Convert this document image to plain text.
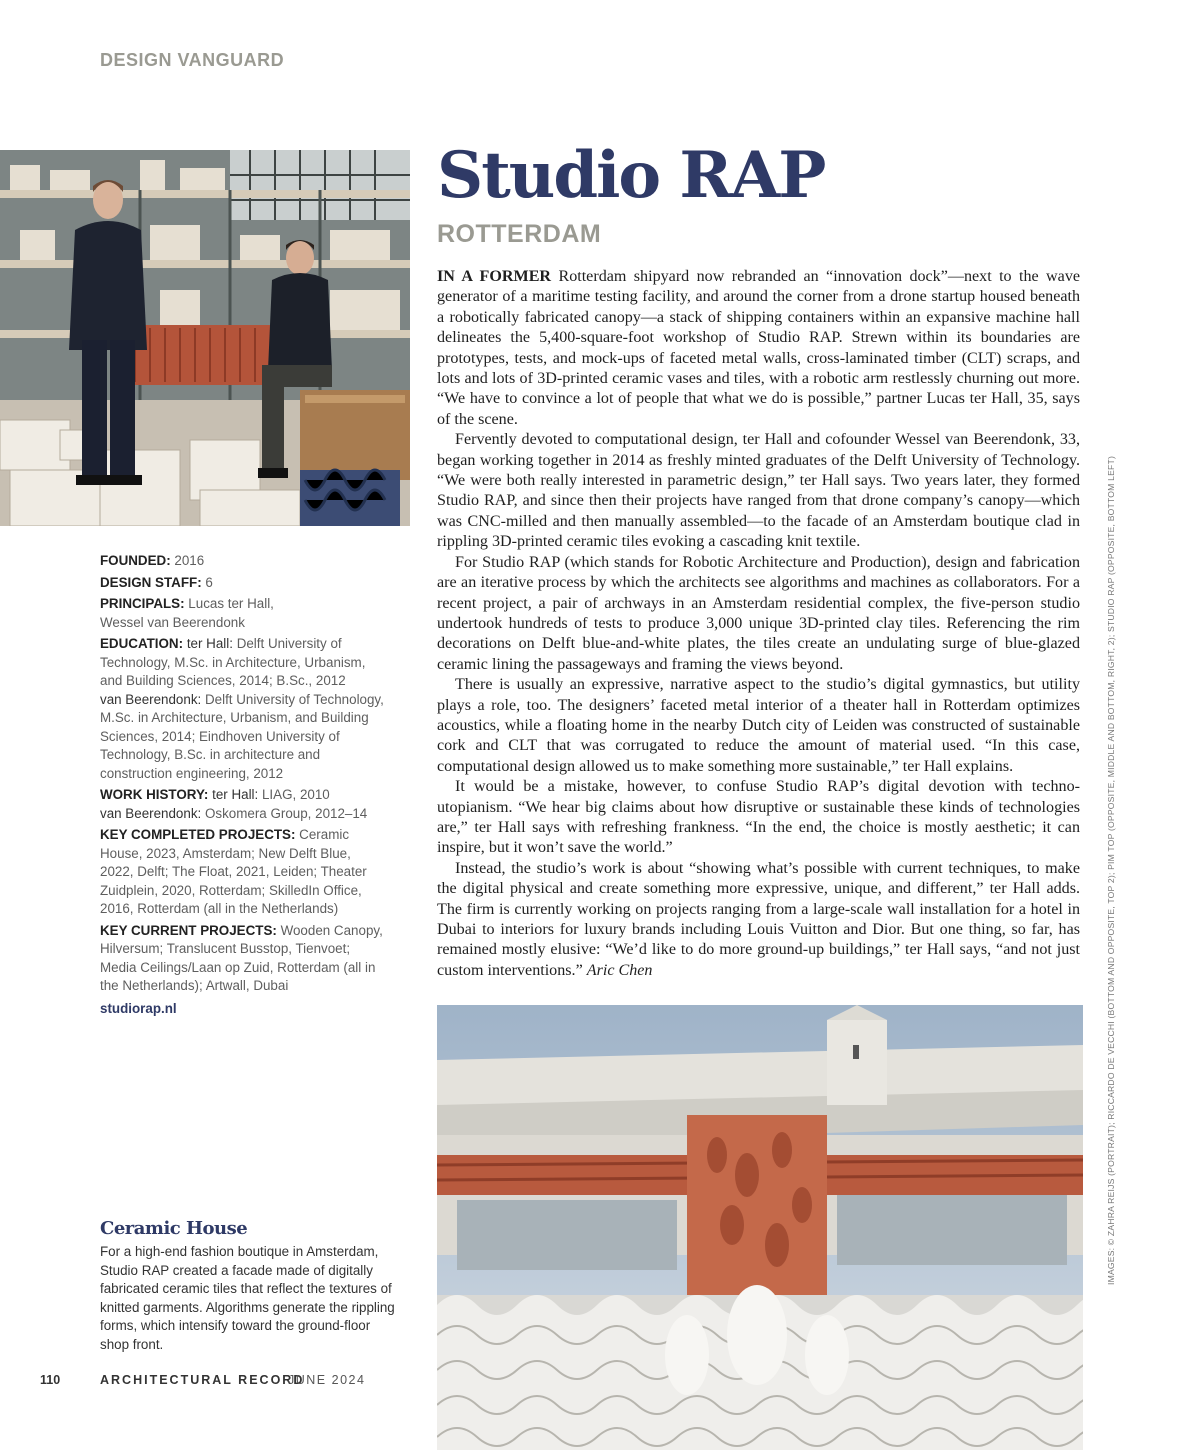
DESIGN VANGUARD
Studio RAP
ROTTERDAM

IN A FORMER Rotterdam shipyard now rebranded an “innovation dock”—next to the wave generator of a maritime testing facility, and around the corner from a drone startup housed beneath a robotically fabricated canopy—a stack of shipping containers within an expansive machine hall delineates the 5,400-square-foot workshop of Studio RAP. Strewn within its boundaries are prototypes, tests, and mock-ups of faceted metal walls, cross-laminated timber (CLT) scraps, and lots and lots of 3D-printed ceramic vases and tiles, with a robotic arm restlessly churning out more. “We have to convince a lot of people that what we do is possible,” partner Lucas ter Hall, 35, says of the scene.

Fervently devoted to computational design, ter Hall and cofounder Wessel van Beerendonk, 33, began working together in 2014 as freshly minted graduates of the Delft University of Technology. “We were both really interested in parametric design,” ter Hall says. Two years later, they formed Studio RAP, and since then their projects have ranged from that drone company’s canopy—which was CNC-milled and then manually assembled—to the facade of an Amsterdam boutique clad in rippling 3D-printed ceramic tiles evoking a cascading knit textile.

For Studio RAP (which stands for Robotic Architecture and Production), design and fabrication are an iterative process by which the architects see algorithms and machines as collaborators. For a recent project, a pair of archways in an Amsterdam residential complex, the five-person studio undertook hundreds of tests to produce 3,000 unique 3D-printed clay tiles. Referencing the rim decorations on Delft blue-and-white plates, the tiles create an undulating surge of blue-glazed ceramic lining the passageways and framing the views beyond.

There is usually an expressive, narrative aspect to the studio’s digital gymnastics, but utility plays a role, too. The designers’ faceted metal interior of a theater hall in Rotterdam optimizes acoustics, while a floating home in the nearby Dutch city of Leiden was constructed of sustainable cork and CLT that was corrugated to reduce the amount of material used. “In this case, computational design allowed us to make something more sustainable,” ter Hall explains.

It would be a mistake, however, to confuse Studio RAP’s digital devotion with techno-utopianism. “We hear big claims about how disruptive or sustainable these kinds of technologies are,” ter Hall says with refreshing frankness. “In the end, the choice is mostly aesthetic; it can inspire, but it won’t save the world.”

Instead, the studio’s work is about “showing what’s possible with current techniques, to make the digital physical and create something more expressive, unique, and different,” ter Hall adds. The firm is currently working on projects ranging from a large-scale wall installation for a hotel in Dubai to interiors for luxury brands including Louis Vuitton and Dior. But one thing, so far, has remained mostly elusive: “We’d like to do more ground-up buildings,” ter Hall says, “and not just custom interventions.” Aric Chen

FOUNDED: 2016
DESIGN STAFF: 6
PRINCIPALS: Lucas ter Hall,
Wessel van Beerendonk
EDUCATION: ter Hall: Delft University of Technology, M.Sc. in Architecture, Urbanism, and Building Sciences, 2014; B.Sc., 2012
van Beerendonk: Delft University of Technology, M.Sc. in Architecture, Urbanism, and Building Sciences, 2014; Eindhoven University of Technology, B.Sc. in architecture and construction engineering, 2012
WORK HISTORY: ter Hall: LIAG, 2010
van Beerendonk: Oskomera Group, 2012–14
KEY COMPLETED PROJECTS: Ceramic House, 2023, Amsterdam; New Delft Blue, 2022, Delft; The Float, 2021, Leiden; Theater Zuidplein, 2020, Rotterdam; SkilledIn Office, 2016, Rotterdam (all in the Netherlands)
KEY CURRENT PROJECTS: Wooden Canopy, Hilversum; Translucent Busstop, Tienvoet; Media Ceilings/Laan op Zuid, Rotterdam (all in the Netherlands); Artwall, Dubai
studiorap.nl
Ceramic House
For a high-end fashion boutique in Amsterdam, Studio RAP created a facade made of digitally fabricated ceramic tiles that reflect the textures of knitted garments. Algorithms generate the rippling forms, which intensify toward the ground-floor shop front.
110	ARCHITECTURAL RECORD
JUNE 2024
IMAGES: © ZAHRA REIJS (PORTRAIT); RICCARDO DE VECCHI (BOTTOM AND OPPOSITE, TOP 2); PIM TOP (OPPOSITE, MIDDLE AND BOTTOM, RIGHT, 2); STUDIO RAP (OPPOSITE, BOTTOM LEFT)
